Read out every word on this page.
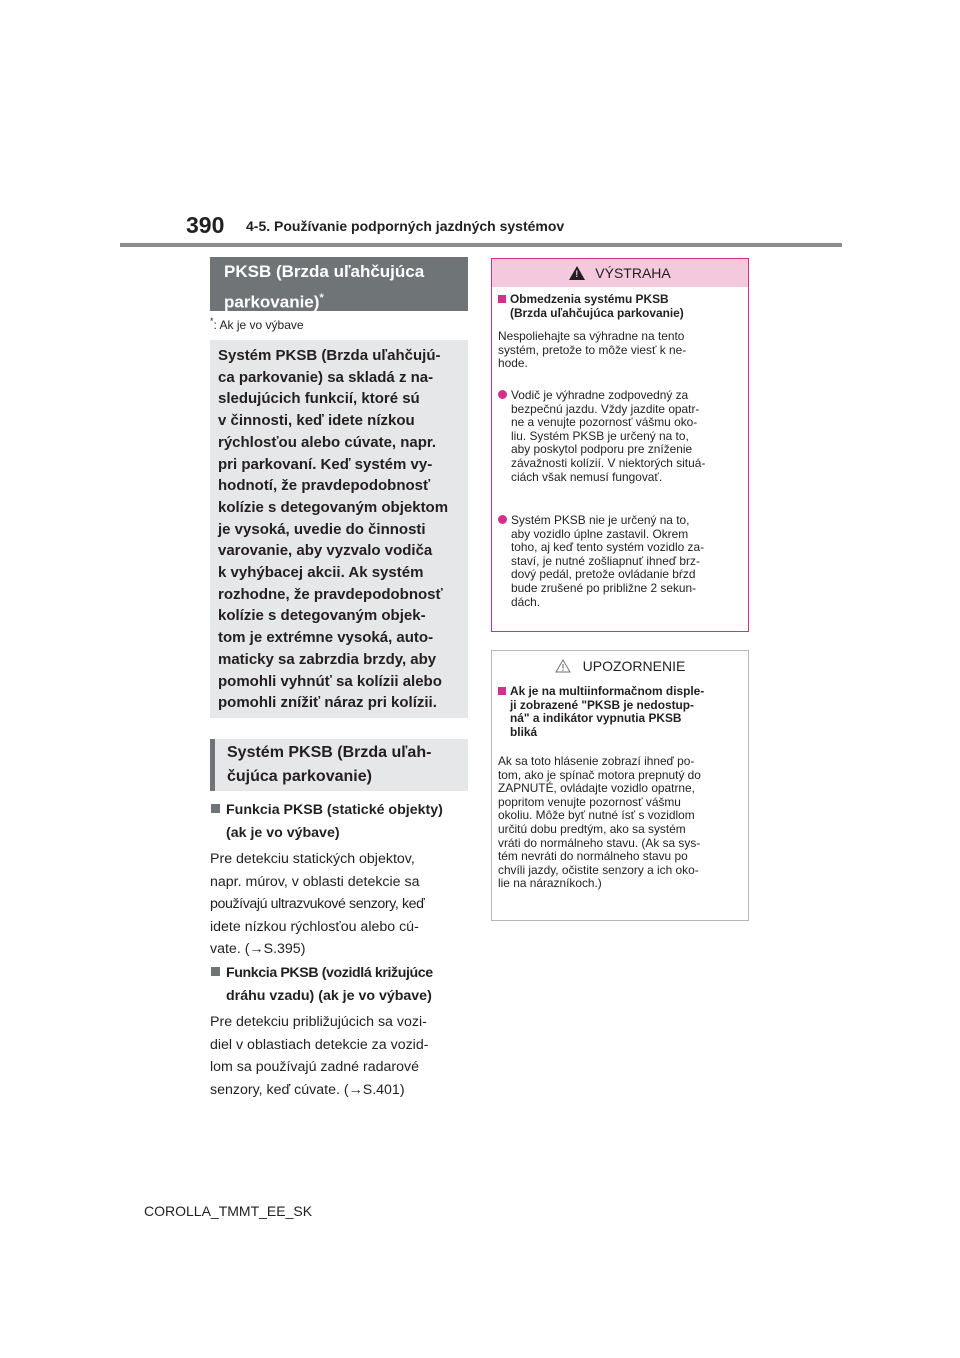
390 4-5. Používanie podporných jazdných systémov
PKSB (Brzda uľahčujúca parkovanie)*
*: Ak je vo výbave
Systém PKSB (Brzda uľahčujú-
ca parkovanie) sa skladá z na-
sledujúcich funkcií, ktoré sú
v činnosti, keď idete nízkou
rýchlosťou alebo cúvate, napr.
pri parkovaní. Keď systém vy-
hodnotí, že pravdepodobnosť
kolízie s detegovaným objektom
je vysoká, uvedie do činnosti
varovanie, aby vyzvalo vodiča
k vyhýbacej akcii. Ak systém
rozhodne, že pravdepodobnosť
kolízie s detegovaným objek-
tom je extrémne vysoká, auto-
maticky sa zabrzdia brzdy, aby
pomohli vyhnúť sa kolízii alebo
pomohli znížiť náraz pri kolízii.
Systém PKSB (Brzda uľah-
čujúca parkovanie)
Funkcia PKSB (statické objekty)
(ak je vo výbave)
Pre detekciu statických objektov,
napr. múrov, v oblasti detekcie sa
používajú ultrazvukové senzory, keď
idete nízkou rýchlosťou alebo cú-
vate. (→S.395)
Funkcia PKSB (vozidlá križujúce
dráhu vzadu) (ak je vo výbave)
Pre detekciu približujúcich sa vozi-
diel v oblastiach detekcie za vozid-
lom sa používajú zadné radarové
senzory, keď cúvate. (→S.401)
! VÝSTRAHA
Obmedzenia systému PKSB
(Brzda uľahčujúca parkovanie)
Nespoliehajte sa výhradne na tento
systém, pretože to môže viesť k ne-
hode.
Vodič je výhradne zodpovedný za
bezpečnú jazdu. Vždy jazdite opatr-
ne a venujte pozornosť vášmu oko-
liu. Systém PKSB je určený na to,
aby poskytol podporu pre zníženie
závažnosti kolízií. V niektorých situá-
ciách však nemusí fungovať.
Systém PKSB nie je určený na to,
aby vozidlo úplne zastavil. Okrem
toho, aj keď tento systém vozidlo za-
staví, je nutné zošliapnuť ihneď brz-
dový pedál, pretože ovládanie bŕzd
bude zrušené po približne 2 sekun-
dách.
UPOZORNENIE
Ak je na multiinformačnom disple-
ji zobrazené "PKSB je nedostup-
ná" a indikátor vypnutia PKSB
bliká
Ak sa toto hlásenie zobrazí ihneď po-
tom, ako je spínač motora prepnutý do
ZAPNUTÉ, ovládajte vozidlo opatrne,
popritom venujte pozornosť vášmu
okoliu. Môže byť nutné ísť s vozidlom
určitú dobu predtým, ako sa systém
vráti do normálneho stavu. (Ak sa sys-
tém nevráti do normálneho stavu po
chvíli jazdy, očistite senzory a ich oko-
lie na nárazníkoch.)
COROLLA_TMMT_EE_SK
